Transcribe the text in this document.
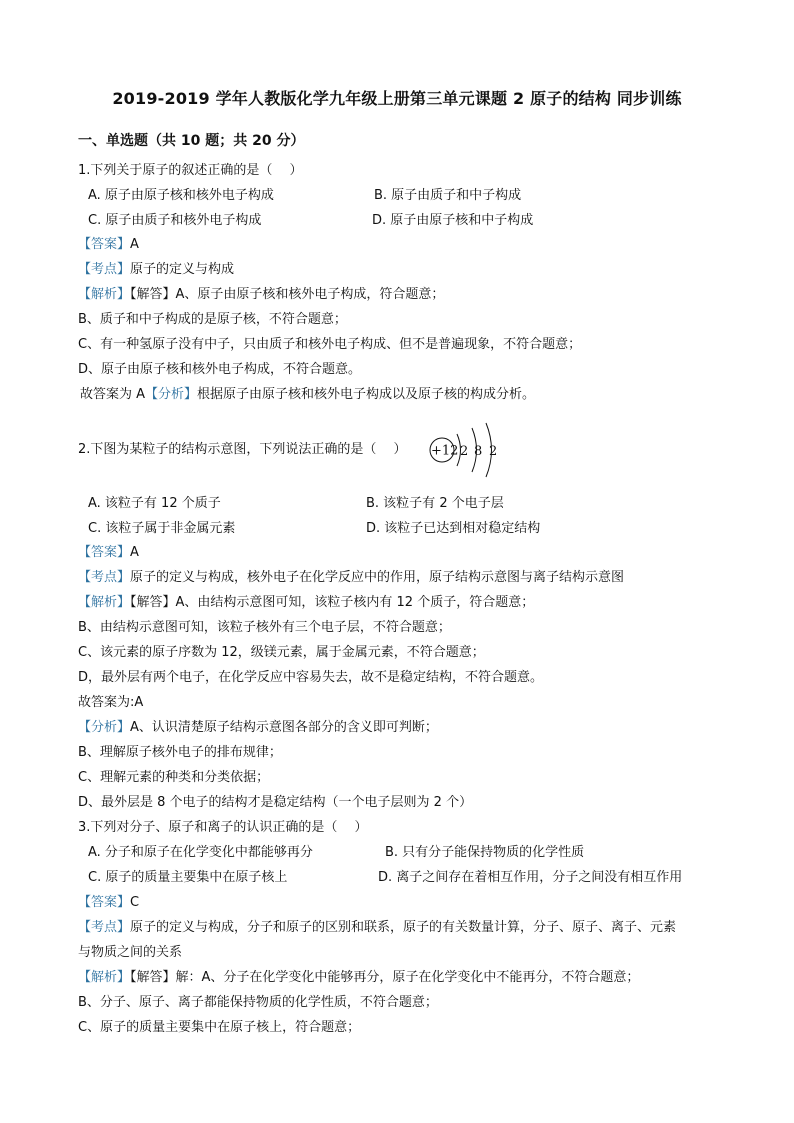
2019-2019 学年人教版化学九年级上册第三单元课题 2 原子的结构 同步训练
一、单选题（共 10 题；共 20 分）
1.下列关于原子的叙述正确的是（　 ）
A. 原子由原子核和核外电子构成	B. 原子由质子和中子构成
C. 原子由质子和核外电子构成	D. 原子由原子核和中子构成
【答案】A
【考点】原子的定义与构成
【解析】【解答】A、原子由原子核和核外电子构成，符合题意；
B、质子和中子构成的是原子核，不符合题意；
C、有一种氢原子没有中子，只由质子和核外电子构成、但不是普遍现象，不符合题意；
D、原子由原子核和核外电子构成，不符合题意。
故答案为 A【分析】根据原子由原子核和核外电子构成以及原子核的构成分析。
2.下图为某粒子的结构示意图，下列说法正确的是（　 ） +12 2 8 2
A. 该粒子有 12 个质子	B. 该粒子有 2 个电子层
C. 该粒子属于非金属元素	D. 该粒子已达到相对稳定结构
【答案】A
【考点】原子的定义与构成，核外电子在化学反应中的作用，原子结构示意图与离子结构示意图
【解析】【解答】A、由结构示意图可知，该粒子核内有 12 个质子，符合题意；
B、由结构示意图可知，该粒子核外有三个电子层，不符合题意；
C、该元素的原子序数为 12，级镁元素，属于金属元素，不符合题意；
D，最外层有两个电子，在化学反应中容易失去，故不是稳定结构，不符合题意。
故答案为:A
【分析】A、认识清楚原子结构示意图各部分的含义即可判断；
B、理解原子核外电子的排布规律；
C、理解元素的种类和分类依据；
D、最外层是 8 个电子的结构才是稳定结构（一个电子层则为 2 个）
3.下列对分子、原子和离子的认识正确的是（　 ）
A. 分子和原子在化学变化中都能够再分	B. 只有分子能保持物质的化学性质
C. 原子的质量主要集中在原子核上	D. 离子之间存在着相互作用，分子之间没有相互作用
【答案】C
【考点】原子的定义与构成，分子和原子的区别和联系，原子的有关数量计算，分子、原子、离子、元素
与物质之间的关系
【解析】【解答】解：A、分子在化学变化中能够再分，原子在化学变化中不能再分，不符合题意；
B、分子、原子、离子都能保持物质的化学性质，不符合题意；
C、原子的质量主要集中在原子核上，符合题意；
